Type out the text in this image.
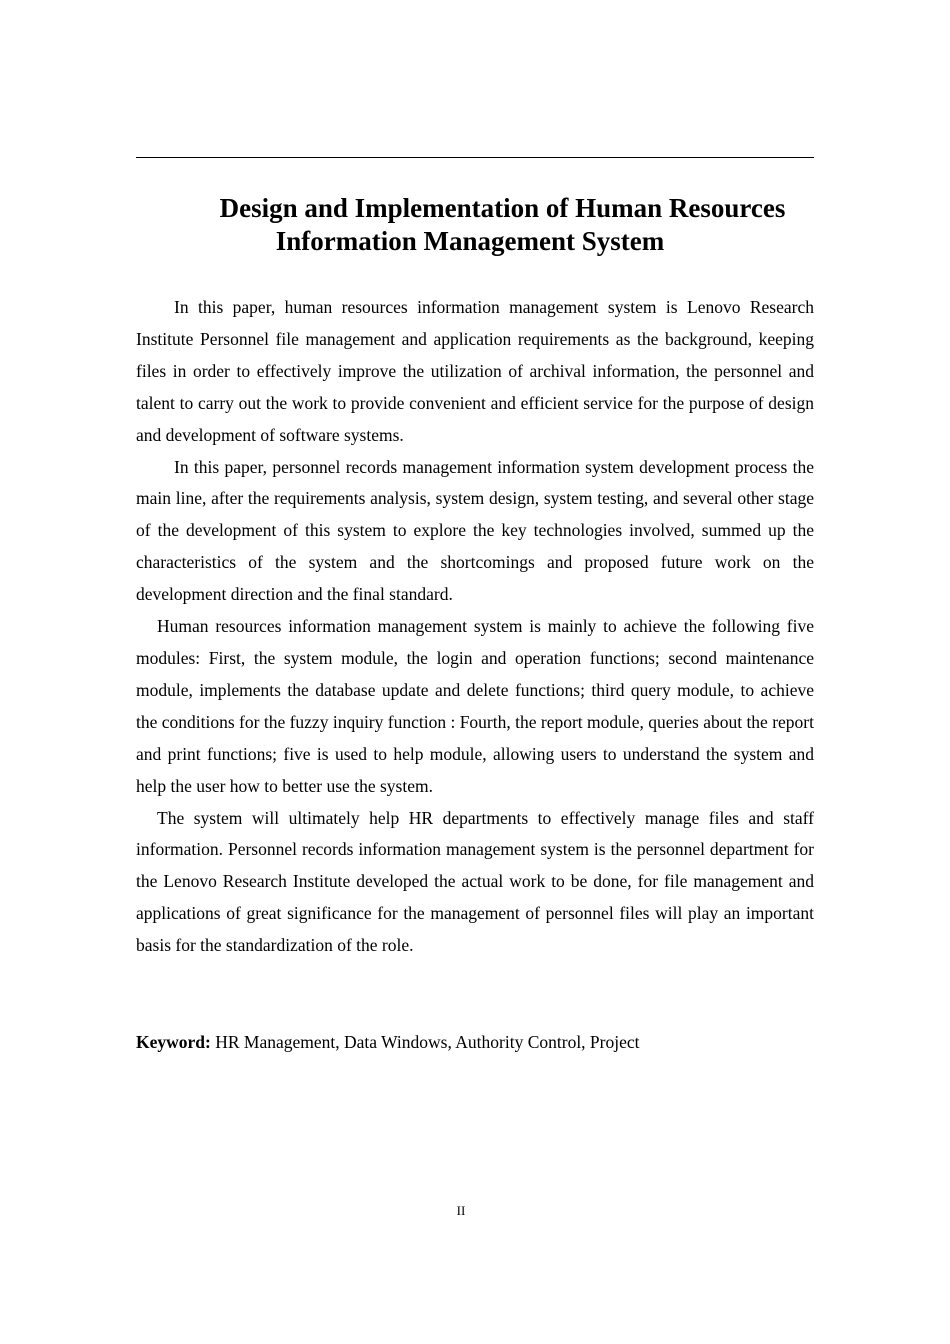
Design and Implementation of Human Resources
Information Management System

In this paper, human resources information management system is Lenovo Research Institute Personnel file management and application requirements as the background, keeping files in order to effectively improve the utilization of archival information, the personnel and talent to carry out the work to provide convenient and efficient service for the purpose of design and development of software systems.

In this paper, personnel records management information system development process the main line, after the requirements analysis, system design, system testing, and several other stage of the development of this system to explore the key technologies involved, summed up the characteristics of the system and the shortcomings and proposed future work on the development direction and the final standard.

Human resources information management system is mainly to achieve the following five modules: First, the system module, the login and operation functions; second maintenance module, implements the database update and delete functions; third query module, to achieve the conditions for the fuzzy inquiry function : Fourth, the report module, queries about the report and print functions; five is used to help module, allowing users to understand the system and help the user how to better use the system.

The system will ultimately help HR departments to effectively manage files and staff information. Personnel records information management system is the personnel department for the Lenovo Research Institute developed the actual work to be done, for file management and applications of great significance for the management of personnel files will play an important basis for the standardization of the role.

Keyword: HR Management, Data Windows, Authority Control, Project

II
